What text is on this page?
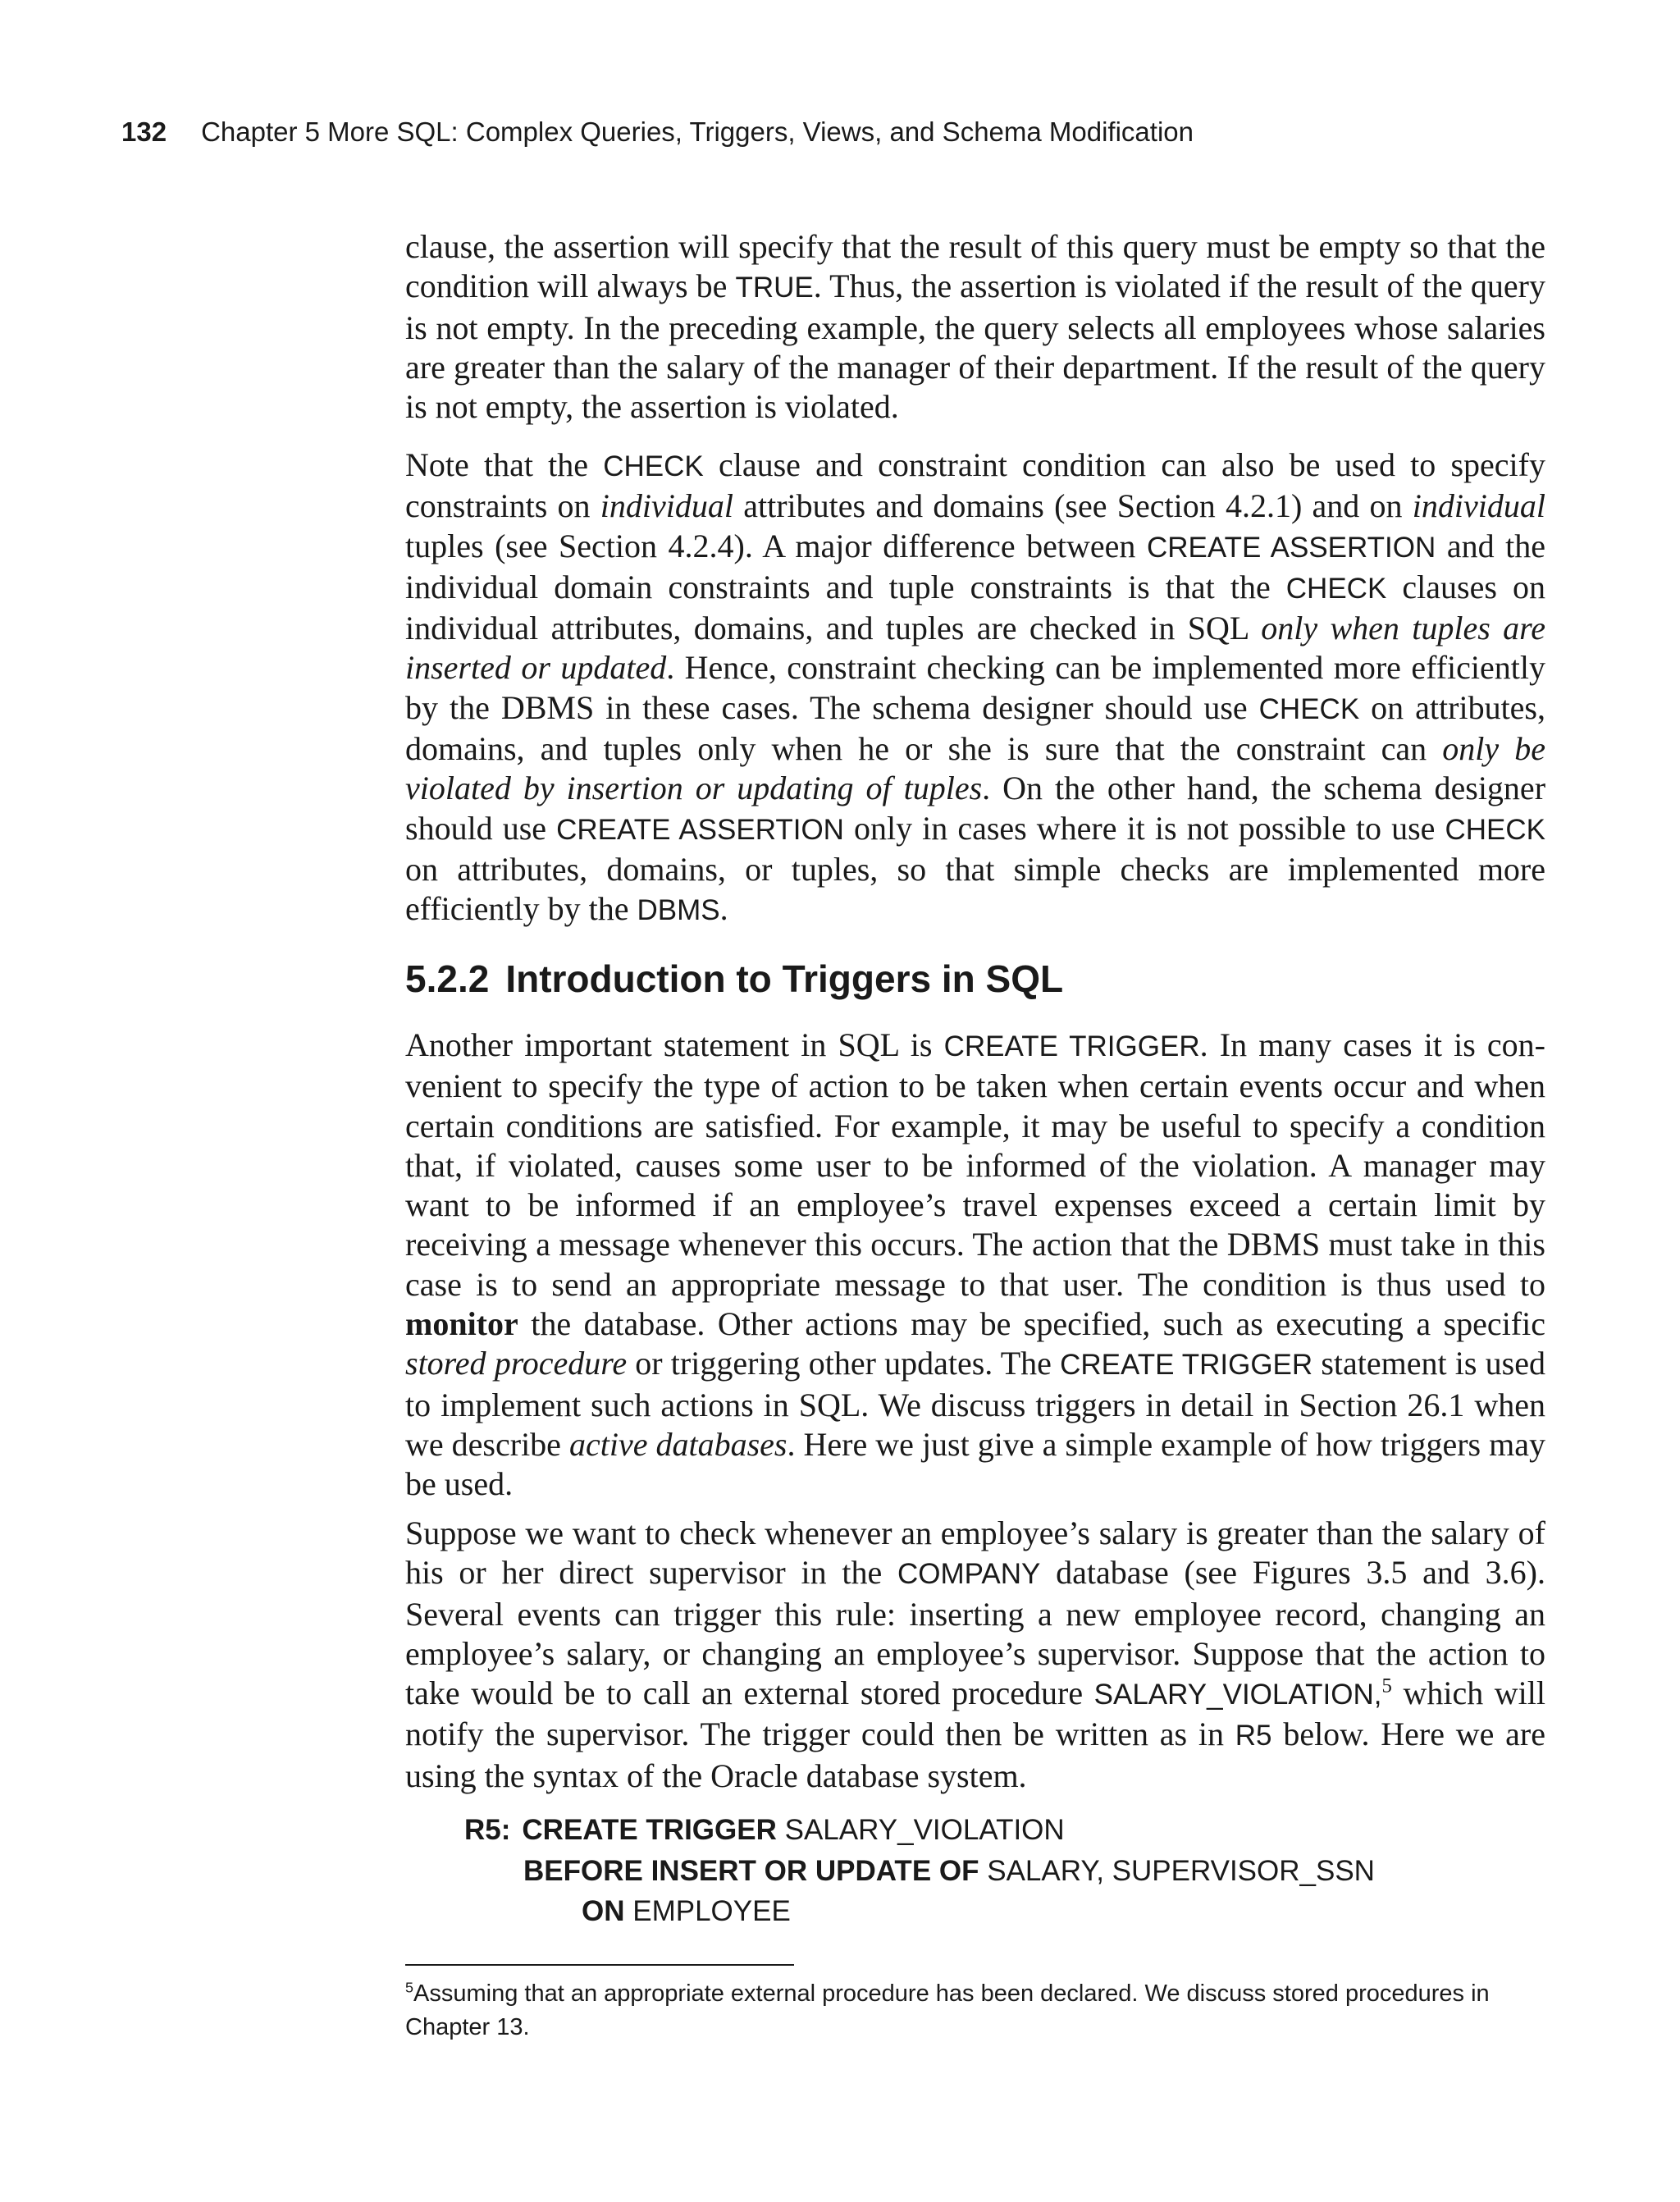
132 Chapter 5 More SQL: Complex Queries, Triggers, Views, and Schema Modification

clause, the assertion will specify that the result of this query must be empty so that the condition will always be TRUE. Thus, the assertion is violated if the result of the query is not empty. In the preceding example, the query selects all employees whose salaries are greater than the salary of the manager of their department. If the result of the query is not empty, the assertion is violated.

Note that the CHECK clause and constraint condition can also be used to specify constraints on individual attributes and domains (see Section 4.2.1) and on individual tuples (see Section 4.2.4). A major difference between CREATE ASSERTION and the individual domain constraints and tuple constraints is that the CHECK clauses on individual attributes, domains, and tuples are checked in SQL only when tuples are inserted or updated. Hence, constraint checking can be implemented more efficiently by the DBMS in these cases. The schema designer should use CHECK on attributes, domains, and tuples only when he or she is sure that the constraint can only be violated by insertion or updating of tuples. On the other hand, the schema designer should use CREATE ASSERTION only in cases where it is not possible to use CHECK on attributes, domains, or tuples, so that simple checks are implemented more efficiently by the DBMS.

5.2.2 Introduction to Triggers in SQL

Another important statement in SQL is CREATE TRIGGER. In many cases it is convenient to specify the type of action to be taken when certain events occur and when certain conditions are satisfied. For example, it may be useful to specify a condition that, if violated, causes some user to be informed of the violation. A manager may want to be informed if an employee’s travel expenses exceed a certain limit by receiving a message whenever this occurs. The action that the DBMS must take in this case is to send an appropriate message to that user. The condition is thus used to monitor the database. Other actions may be specified, such as executing a specific stored procedure or triggering other updates. The CREATE TRIGGER statement is used to implement such actions in SQL. We discuss triggers in detail in Section 26.1 when we describe active databases. Here we just give a simple example of how triggers may be used.

Suppose we want to check whenever an employee’s salary is greater than the salary of his or her direct supervisor in the COMPANY database (see Figures 3.5 and 3.6). Several events can trigger this rule: inserting a new employee record, changing an employee’s salary, or changing an employee’s supervisor. Suppose that the action to take would be to call an external stored procedure SALARY_VIOLATION,$^5$ which will notify the supervisor. The trigger could then be written as in R5 below. Here we are using the syntax of the Oracle database system.

R5: CREATE TRIGGER SALARY_VIOLATION
BEFORE INSERT OR UPDATE OF SALARY, SUPERVISOR_SSN
ON EMPLOYEE

$^5$Assuming that an appropriate external procedure has been declared. We discuss stored procedures in Chapter 13.
